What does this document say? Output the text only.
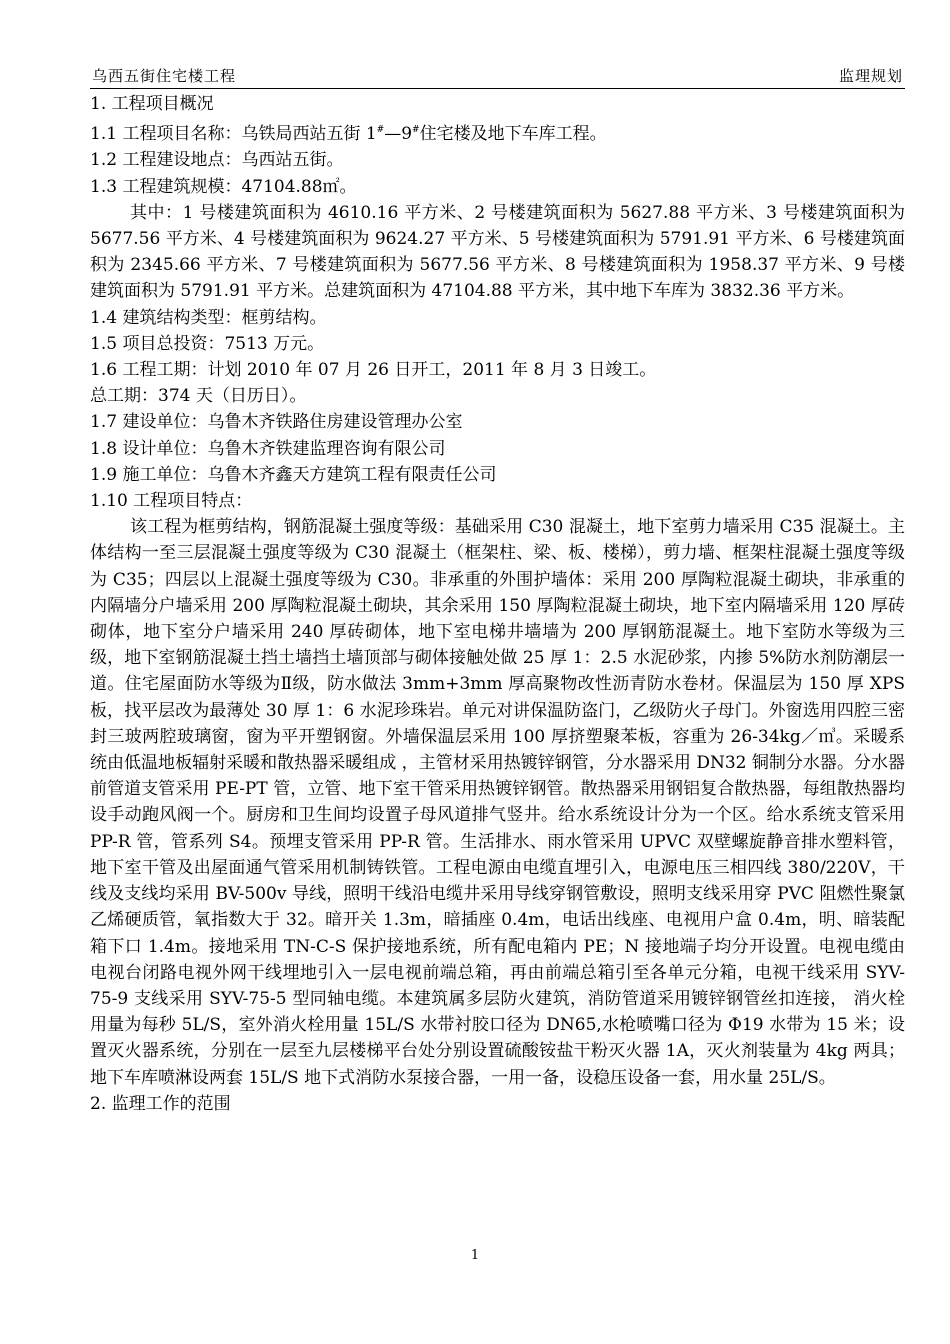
乌西五街住宅楼工程	监理规划
1. 工程项目概况
1.1 工程项目名称：乌铁局西站五街 1#—9#住宅楼及地下车库工程。
1.2 工程建设地点：乌西站五街。
1.3 工程建筑规模：47104.88㎡。
其中：1 号楼建筑面积为 4610.16 平方米、2 号楼建筑面积为 5627.88 平方米、3 号楼建筑面积为 5677.56 平方米、4 号楼建筑面积为 9624.27 平方米、5 号楼建筑面积为 5791.91 平方米、6 号楼建筑面积为 2345.66 平方米、7 号楼建筑面积为 5677.56 平方米、8 号楼建筑面积为 1958.37 平方米、9 号楼建筑面积为 5791.91 平方米。总建筑面积为 47104.88 平方米，其中地下车库为 3832.36 平方米。
1.4 建筑结构类型：框剪结构。
1.5 项目总投资：7513 万元。
1.6 工程工期：计划 2010 年 07 月 26 日开工，2011 年 8 月 3 日竣工。
总工期：374 天（日历日）。
1.7 建设单位：乌鲁木齐铁路住房建设管理办公室
1.8 设计单位：乌鲁木齐铁建监理咨询有限公司
1.9 施工单位：乌鲁木齐鑫天方建筑工程有限责任公司
1.10 工程项目特点：
该工程为框剪结构，钢筋混凝土强度等级：基础采用 C30 混凝土，地下室剪力墙采用 C35 混凝土。主体结构一至三层混凝土强度等级为 C30 混凝土（框架柱、梁、板、楼梯），剪力墙、框架柱混凝土强度等级为 C35；四层以上混凝土强度等级为 C30。非承重的外围护墙体：采用 200 厚陶粒混凝土砌块，非承重的内隔墙分户墙采用 200 厚陶粒混凝土砌块，其余采用 150 厚陶粒混凝土砌块，地下室内隔墙采用 120 厚砖砌体，地下室分户墙采用 240 厚砖砌体，地下室电梯井墙墙为 200 厚钢筋混凝土。地下室防水等级为三级，地下室钢筋混凝土挡土墙挡土墙顶部与砌体接触处做 25 厚 1：2.5 水泥砂浆，内掺 5%防水剂防潮层一道。住宅屋面防水等级为Ⅱ级，防水做法 3mm+3mm 厚高聚物改性沥青防水卷材。保温层为 150 厚 XPS 板，找平层改为最薄处 30 厚 1：6 水泥珍珠岩。单元对讲保温防盗门，乙级防火子母门。外窗选用四腔三密封三玻两腔玻璃窗，窗为平开塑钢窗。外墙保温层采用 100 厚挤塑聚苯板，容重为 26-34kg／㎥。采暖系统由低温地板辐射采暖和散热器采暖组成 ，主管材采用热镀锌钢管，分水器采用 DN32 铜制分水器。分水器前管道支管采用 PE-PT 管，立管、地下室干管采用热镀锌钢管。散热器采用钢铝复合散热器，每组散热器均设手动跑风阀一个。厨房和卫生间均设置子母风道排气竖井。给水系统设计分为一个区。给水系统支管采用 PP-R 管，管系列 S4。预埋支管采用 PP-R 管。生活排水、雨水管采用 UPVC 双壁螺旋静音排水塑料管，地下室干管及出屋面通气管采用机制铸铁管。工程电源由电缆直埋引入，电源电压三相四线 380/220V，干线及支线均采用 BV-500v 导线，照明干线沿电缆井采用导线穿钢管敷设，照明支线采用穿 PVC 阻燃性聚氯乙烯硬质管，氧指数大于 32。暗开关 1.3m，暗插座 0.4m，电话出线座、电视用户盒 0.4m，明、暗装配箱下口 1.4m。接地采用 TN-C-S 保护接地系统，所有配电箱内 PE；N 接地端子均分开设置。电视电缆由电视台闭路电视外网干线埋地引入一层电视前端总箱，再由前端总箱引至各单元分箱，电视干线采用 SYV-75-9 支线采用 SYV-75-5 型同轴电缆。本建筑属多层防火建筑，消防管道采用镀锌钢管丝扣连接， 消火栓用量为每秒 5L/S，室外消火栓用量 15L/S 水带衬胶口径为 DN65,水枪喷嘴口径为 Φ19 水带为 15 米；设置灭火器系统，分别在一层至九层楼梯平台处分别设置硫酸铵盐干粉灭火器 1A，灭火剂装量为 4kg 两具；地下车库喷淋设两套 15L/S 地下式消防水泵接合器，一用一备，设稳压设备一套，用水量 25L/S。
2. 监理工作的范围
1
